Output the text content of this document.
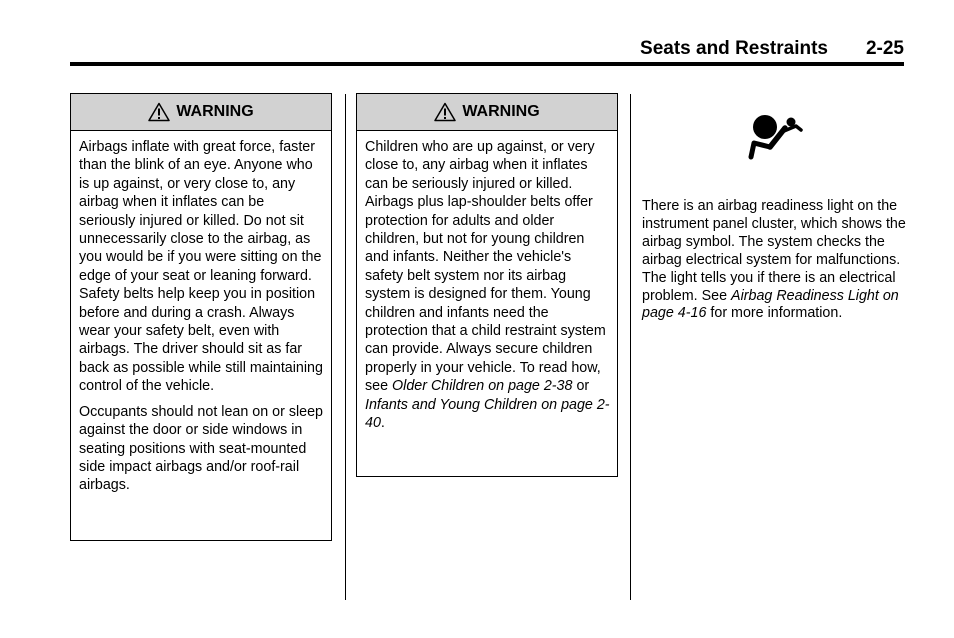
Seats and Restraints 2-25
WARNING

Airbags inflate with great force, faster than the blink of an eye. Anyone who is up against, or very close to, any airbag when it inflates can be seriously injured or killed. Do not sit unnecessarily close to the airbag, as you would be if you were sitting on the edge of your seat or leaning forward. Safety belts help keep you in position before and during a crash. Always wear your safety belt, even with airbags. The driver should sit as far back as possible while still maintaining control of the vehicle.

Occupants should not lean on or sleep against the door or side windows in seating positions with seat-mounted side impact airbags and/or roof-rail airbags.

WARNING

Children who are up against, or very close to, any airbag when it inflates can be seriously injured or killed. Airbags plus lap-shoulder belts offer protection for adults and older children, but not for young children and infants. Neither the vehicle's safety belt system nor its airbag system is designed for them. Young children and infants need the protection that a child restraint system can provide. Always secure children properly in your vehicle. To read how, see Older Children on page 2-38 or Infants and Young Children on page 2-40.

There is an airbag readiness light on the instrument panel cluster, which shows the airbag symbol. The system checks the airbag electrical system for malfunctions. The light tells you if there is an electrical problem. See Airbag Readiness Light on page 4-16 for more information.
